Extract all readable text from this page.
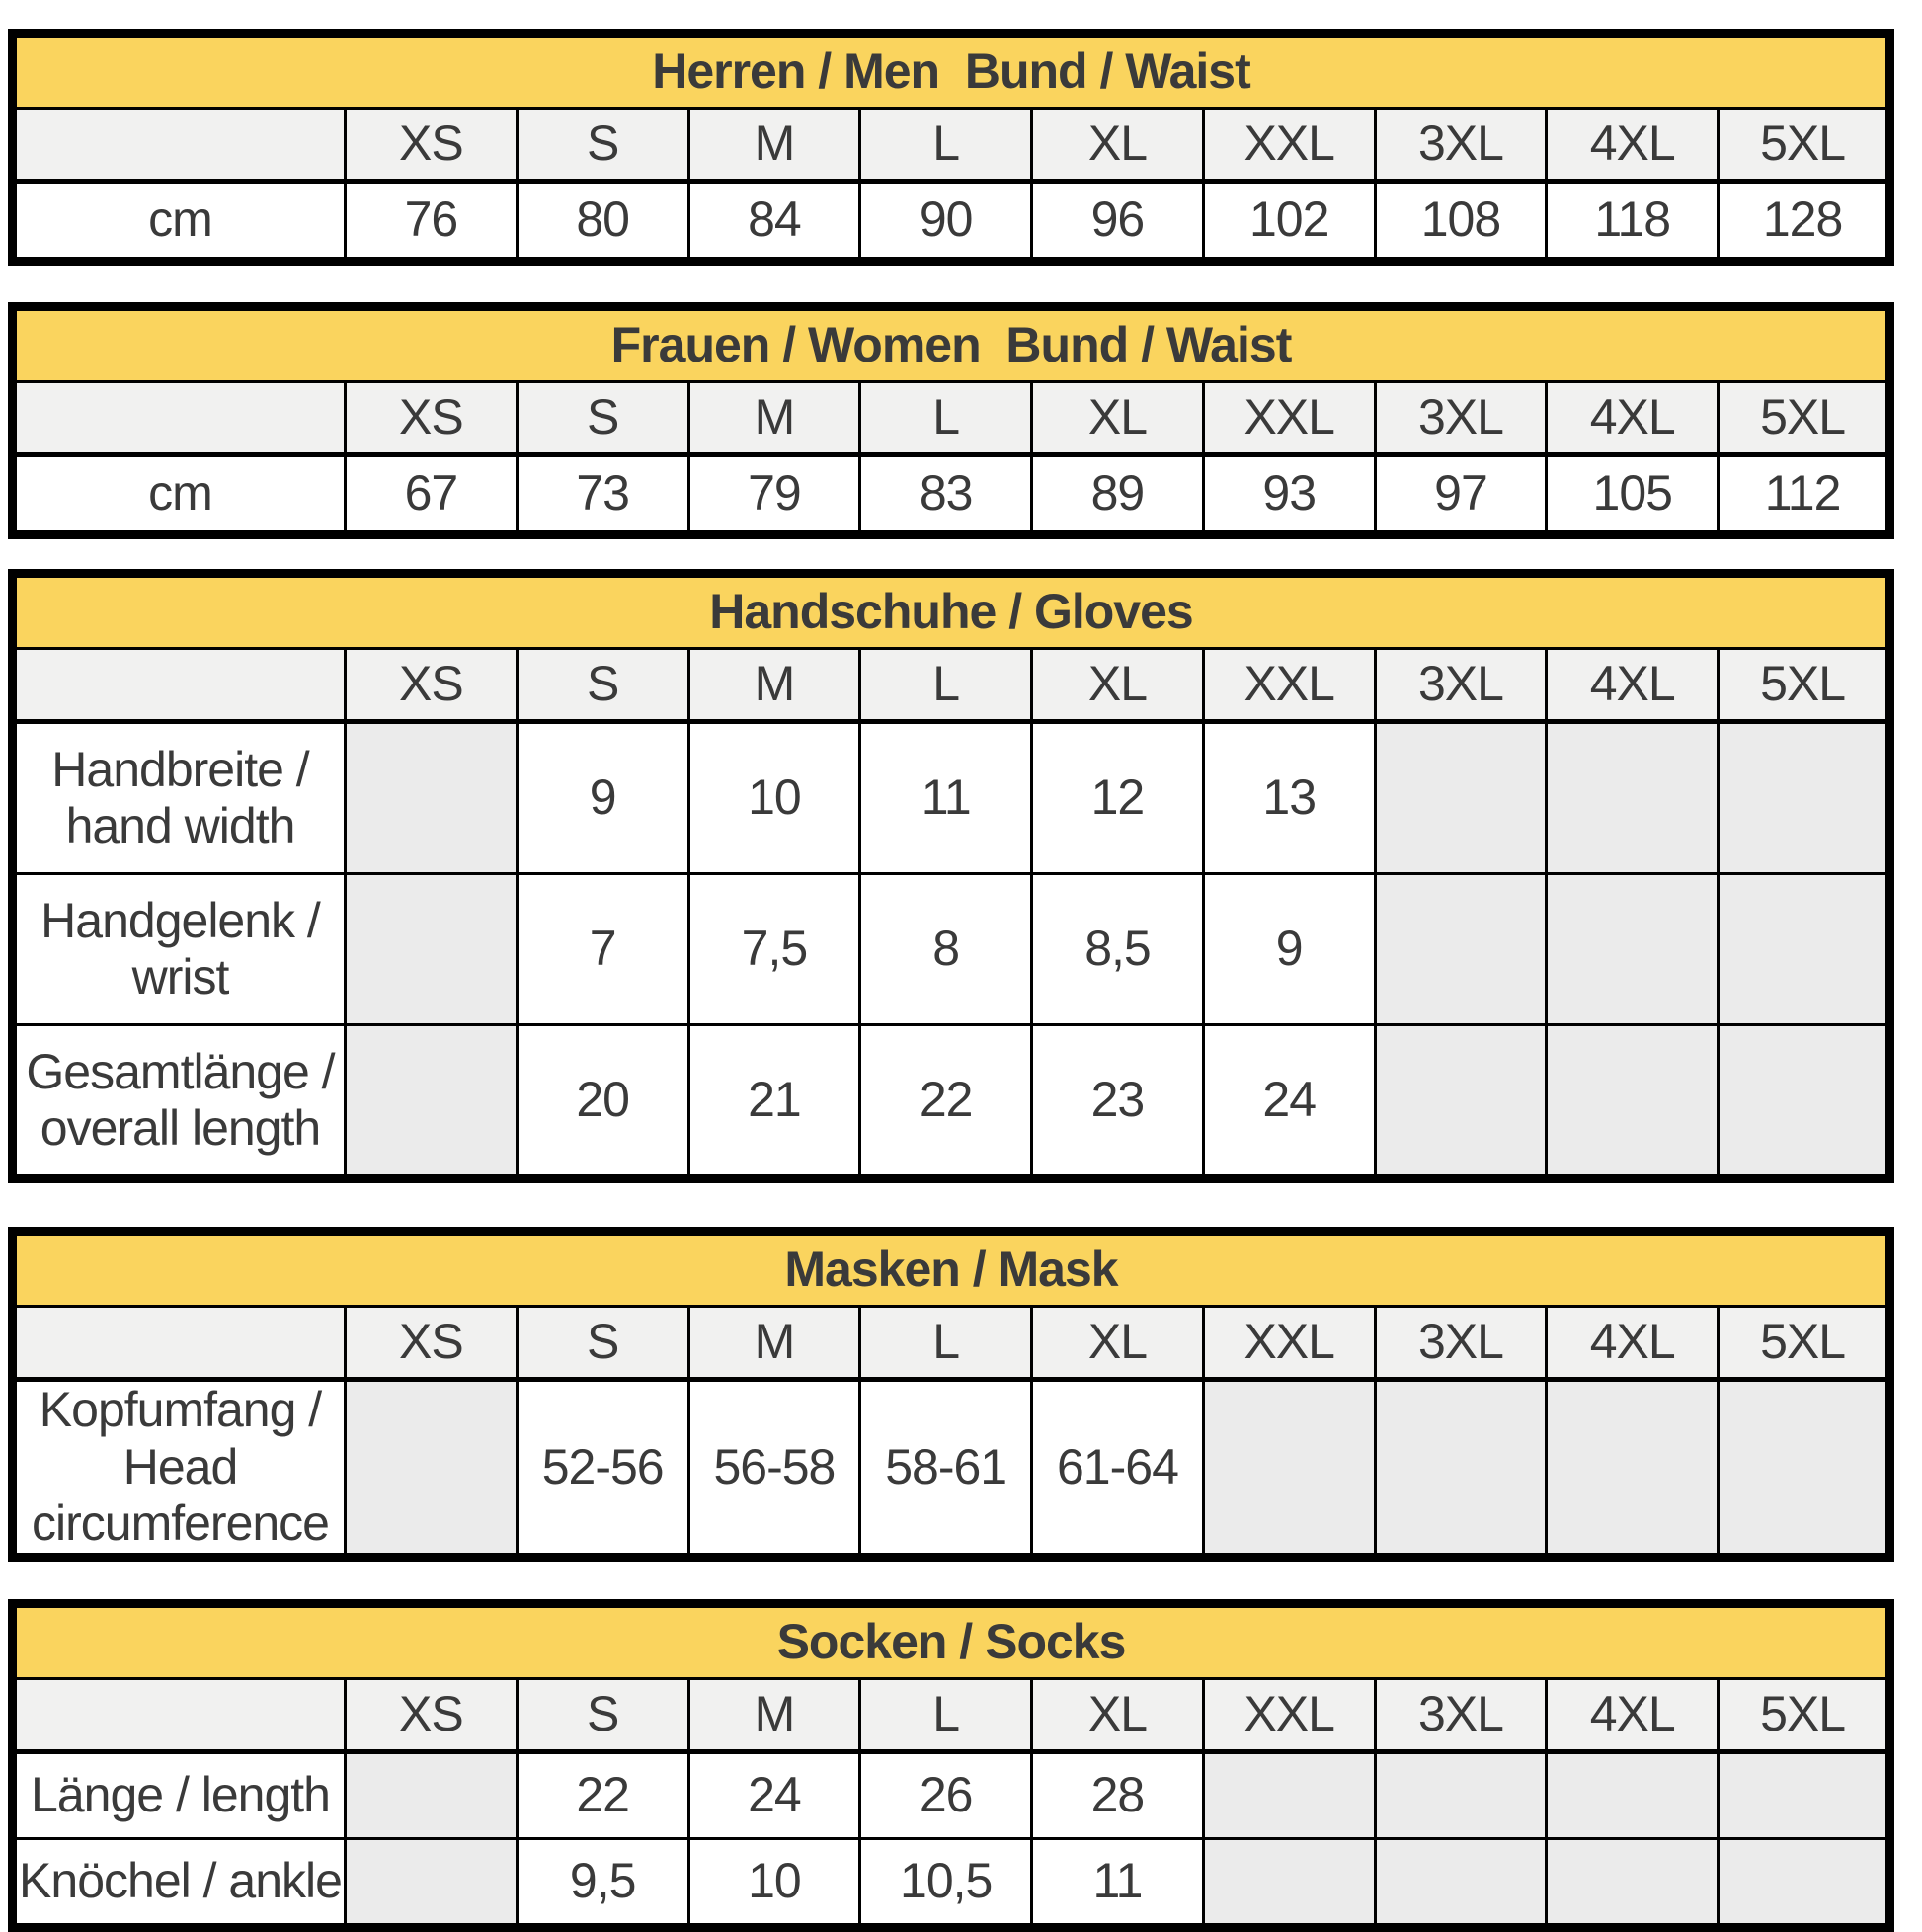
Herren / Men  Bund / Waist									
	XS	S	M	L	XL	XXL	3XL	4XL	5XL
cm	76	80	84	90	96	102	108	118	128
Frauen / Women  Bund / Waist									
	XS	S	M	L	XL	XXL	3XL	4XL	5XL
cm	67	73	79	83	89	93	97	105	112
Handschuhe / Gloves									
	XS	S	M	L	XL	XXL	3XL	4XL	5XL
Handbreite / hand width		9	10	11	12	13			
Handgelenk / wrist		7	7,5	8	8,5	9			
Gesamtlänge / overall length		20	21	22	23	24			
Masken / Mask									
	XS	S	M	L	XL	XXL	3XL	4XL	5XL
Kopfumfang / Head circumference		52-56	56-58	58-61	61-64				
Socken / Socks									
	XS	S	M	L	XL	XXL	3XL	4XL	5XL
Länge / length		22	24	26	28				
Knöchel / ankle		9,5	10	10,5	11				
